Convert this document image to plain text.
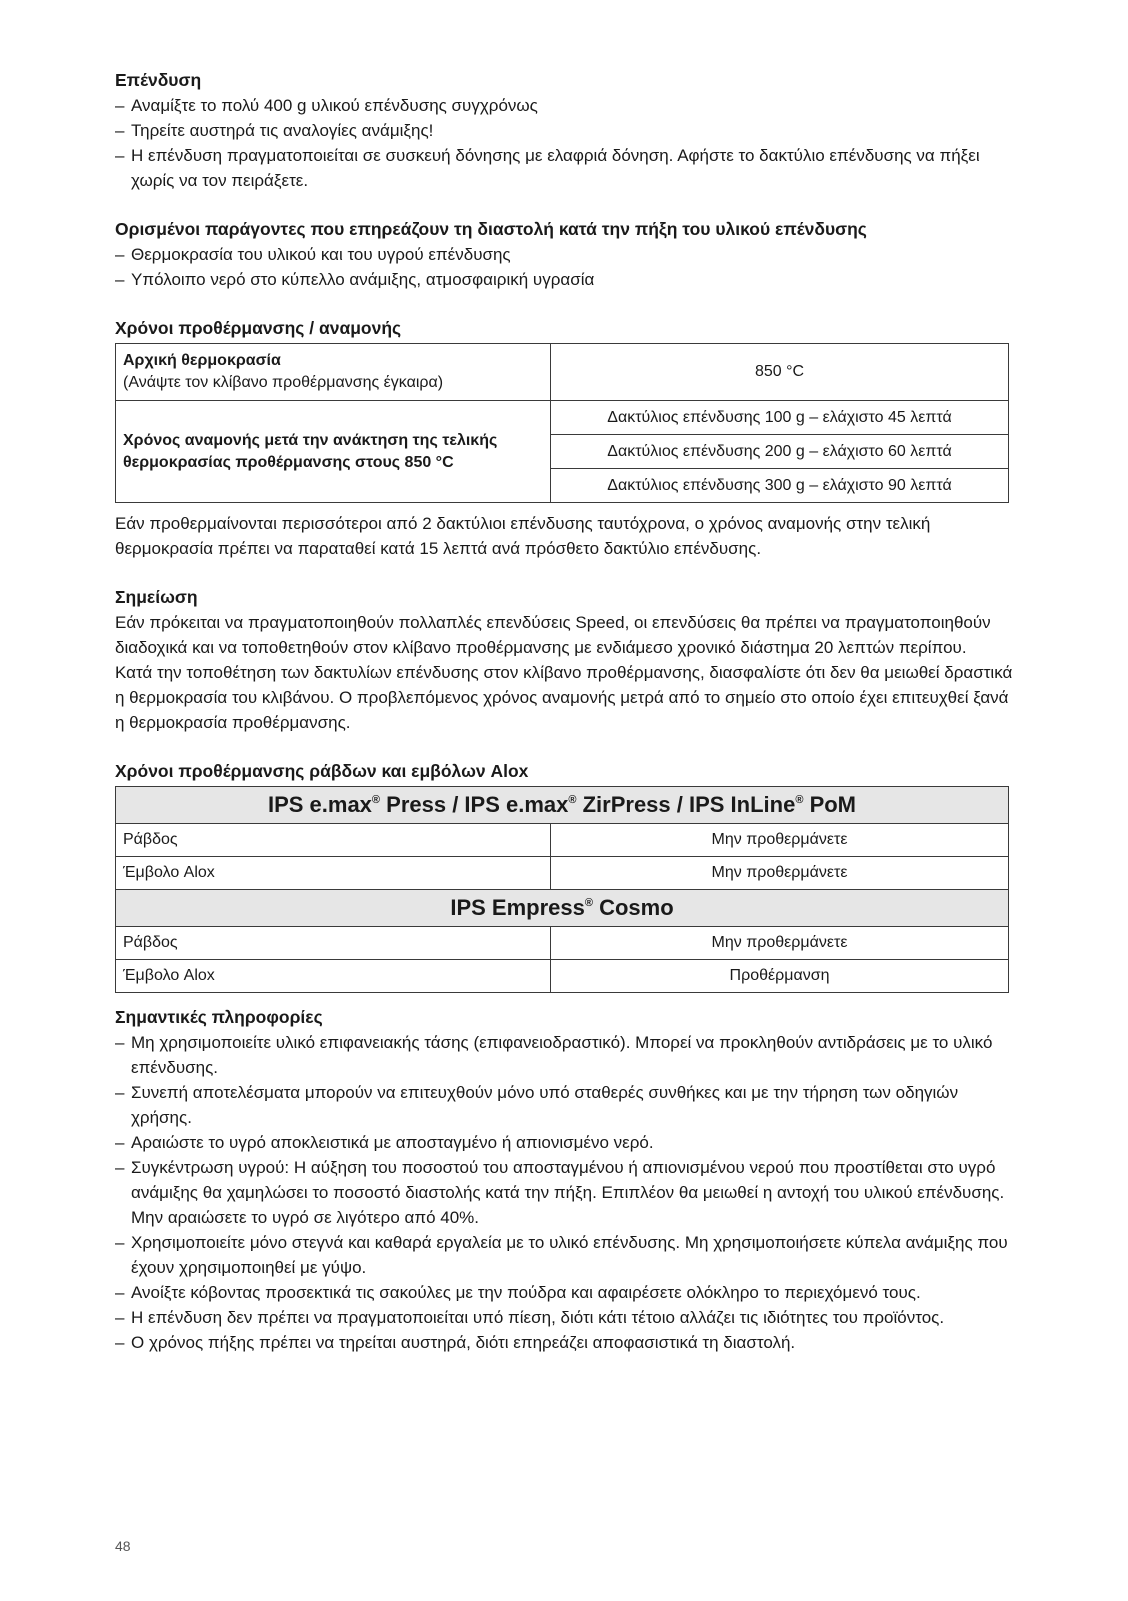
Επένδυση

– Αναμίξτε το πολύ 400 g υλικού επένδυσης συγχρόνως
– Τηρείτε αυστηρά τις αναλογίες ανάμιξης!
– Η επένδυση πραγματοποιείται σε συσκευή δόνησης με ελαφριά δόνηση. Αφήστε το δακτύλιο επένδυσης να πήξει χωρίς να τον πειράξετε.

Ορισμένοι παράγοντες που επηρεάζουν τη διαστολή κατά την πήξη του υλικού επένδυσης

– Θερμοκρασία του υλικού και του υγρού επένδυσης
– Υπόλοιπο νερό στο κύπελλο ανάμιξης, ατμοσφαιρική υγρασία

Χρόνοι προθέρμανσης / αναμονής

Αρχική θερμοκρασία
(Ανάψτε τον κλίβανο προθέρμανσης έγκαιρα)	850 °C

Χρόνος αναμονής μετά την ανάκτηση της τελικής θερμοκρασίας προθέρμανσης στους 850 °C	Δακτύλιος επένδυσης 100 g – ελάχιστο 45 λεπτά
	Δακτύλιος επένδυσης 200 g – ελάχιστο 60 λεπτά
	Δακτύλιος επένδυσης 300 g – ελάχιστο 90 λεπτά

Εάν προθερμαίνονται περισσότεροι από 2 δακτύλιοι επένδυσης ταυτόχρονα, ο χρόνος αναμονής στην τελική θερμοκρασία πρέπει να παραταθεί κατά 15 λεπτά ανά πρόσθετο δακτύλιο επένδυσης.

Σημείωση

Εάν πρόκειται να πραγματοποιηθούν πολλαπλές επενδύσεις Speed, οι επενδύσεις θα πρέπει να πραγματοποιηθούν διαδοχικά και να τοποθετηθούν στον κλίβανο προθέρμανσης με ενδιάμεσο χρονικό διάστημα 20 λεπτών περίπου.

Κατά την τοποθέτηση των δακτυλίων επένδυσης στον κλίβανο προθέρμανσης, διασφαλίστε ότι δεν θα μειωθεί δραστικά η θερμοκρασία του κλιβάνου. Ο προβλεπόμενος χρόνος αναμονής μετρά από το σημείο στο οποίο έχει επιτευχθεί ξανά η θερμοκρασία προθέρμανσης.

Χρόνοι προθέρμανσης ράβδων και εμβόλων Alox

IPS e.max® Press / IPS e.max® ZirPress / IPS InLine® PoM	
Ράβδος	Μην προθερμάνετε
Έμβολο Alox	Μην προθερμάνετε
IPS Empress® Cosmo	
Ράβδος	Μην προθερμάνετε
Έμβολο Alox	Προθέρμανση

Σημαντικές πληροφορίες

– Μη χρησιμοποιείτε υλικό επιφανειακής τάσης (επιφανειοδραστικό). Μπορεί να προκληθούν αντιδράσεις με το υλικό επένδυσης.
– Συνεπή αποτελέσματα μπορούν να επιτευχθούν μόνο υπό σταθερές συνθήκες και με την τήρηση των οδηγιών χρήσης.
– Αραιώστε το υγρό αποκλειστικά με αποσταγμένο ή απιονισμένο νερό.
– Συγκέντρωση υγρού: Η αύξηση του ποσοστού του αποσταγμένου ή απιονισμένου νερού που προστίθεται στο υγρό ανάμιξης θα χαμηλώσει το ποσοστό διαστολής κατά την πήξη. Επιπλέον θα μειωθεί η αντοχή του υλικού επένδυσης. Μην αραιώσετε το υγρό σε λιγότερο από 40%.
– Χρησιμοποιείτε μόνο στεγνά και καθαρά εργαλεία με το υλικό επένδυσης. Μη χρησιμοποιήσετε κύπελα ανάμιξης που έχουν χρησιμοποιηθεί με γύψο.
– Ανοίξτε κόβοντας προσεκτικά τις σακούλες με την πούδρα και αφαιρέσετε ολόκληρο το περιεχόμενό τους.
– Η επένδυση δεν πρέπει να πραγματοποιείται υπό πίεση, διότι κάτι τέτοιο αλλάζει τις ιδιότητες του προϊόντος.
– Ο χρόνος πήξης πρέπει να τηρείται αυστηρά, διότι επηρεάζει αποφασιστικά τη διαστολή.
48
